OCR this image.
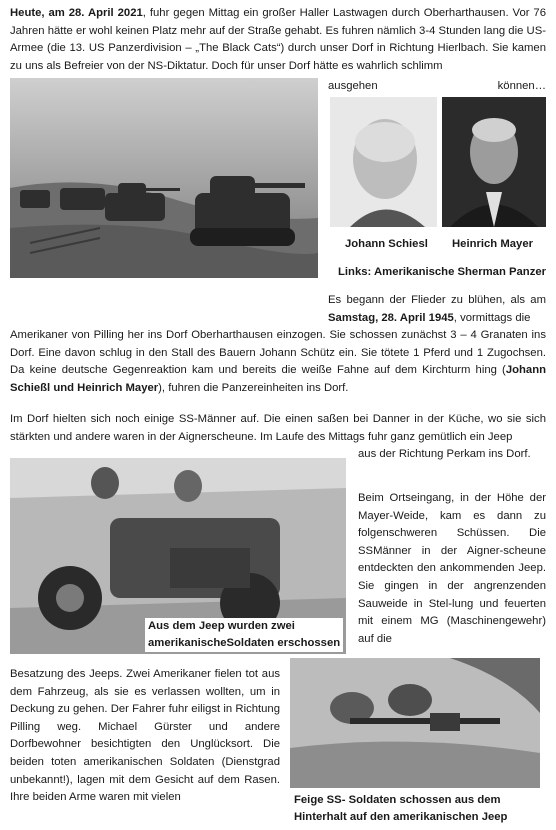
Heute, am 28. April 2021, fuhr gegen Mittag ein großer Haller Lastwagen durch Oberharthausen. Vor 76 Jahren hätte er wohl keinen Platz mehr auf der Straße gehabt. Es fuhren nämlich 3-4 Stunden lang die US- Armee (die 13. US Panzerdivision – „The Black Cats“) durch unser Dorf in Richtung Hierlbach. Sie kamen zu uns als Befreier von der NS-Diktatur. Doch für unser Dorf hätte es wahrlich schlimm
ausgehen	können…
Johann Schiesl Heinrich Mayer
Links: Amerikanische Sherman Panzer
Es begann der Flieder zu blühen, als am Samstag, 28. April 1945, vormittags die
Amerikaner von Pilling her ins Dorf Oberharthausen einzogen. Sie schossen zunächst 3 – 4 Granaten ins Dorf. Eine davon schlug in den Stall des Bauern Johann Schütz ein. Sie tötete 1 Pferd und 1 Zugochsen. Da keine deutsche Gegenreaktion kam und bereits die weiße Fahne auf dem Kirchturm hing (Johann Schießl und Heinrich Mayer), fuhren die Panzereinheiten ins Dorf.
Im Dorf hielten sich noch einige SS-Männer auf. Die einen saßen bei Danner in der Küche, wo sie sich stärkten und andere waren in der Aignerscheune. Im Laufe des Mittags fuhr ganz gemütlich ein Jeep
aus der Richtung Perkam ins Dorf.
Aus dem Jeep wurden zwei
amerikanischeSoldaten erschossen
Beim Ortseingang, in der Höhe der Mayer-Weide, kam es dann zu folgenschweren Schüssen. Die SSMänner in der Aigner-scheune entdeckten den ankommenden Jeep. Sie gingen in der angrenzenden Sauweide in Stel-lung und feuerten mit einem MG (Maschinengewehr) auf die
Besatzung des Jeeps. Zwei Amerikaner fielen tot aus dem Fahrzeug, als sie es verlassen wollten, um in Deckung zu gehen. Der Fahrer fuhr eiligst in Richtung Pilling weg. Michael Gürster und andere Dorfbewohner besichtigten den Unglücksort. Die beiden toten amerikanischen Soldaten (Dienstgrad unbekannt!), lagen mit dem Gesicht auf dem Rasen. Ihre beiden Arme waren mit vielen	Feige SS- Soldaten schossen aus dem
Hinterhalt auf den amerikanischen Jeep
